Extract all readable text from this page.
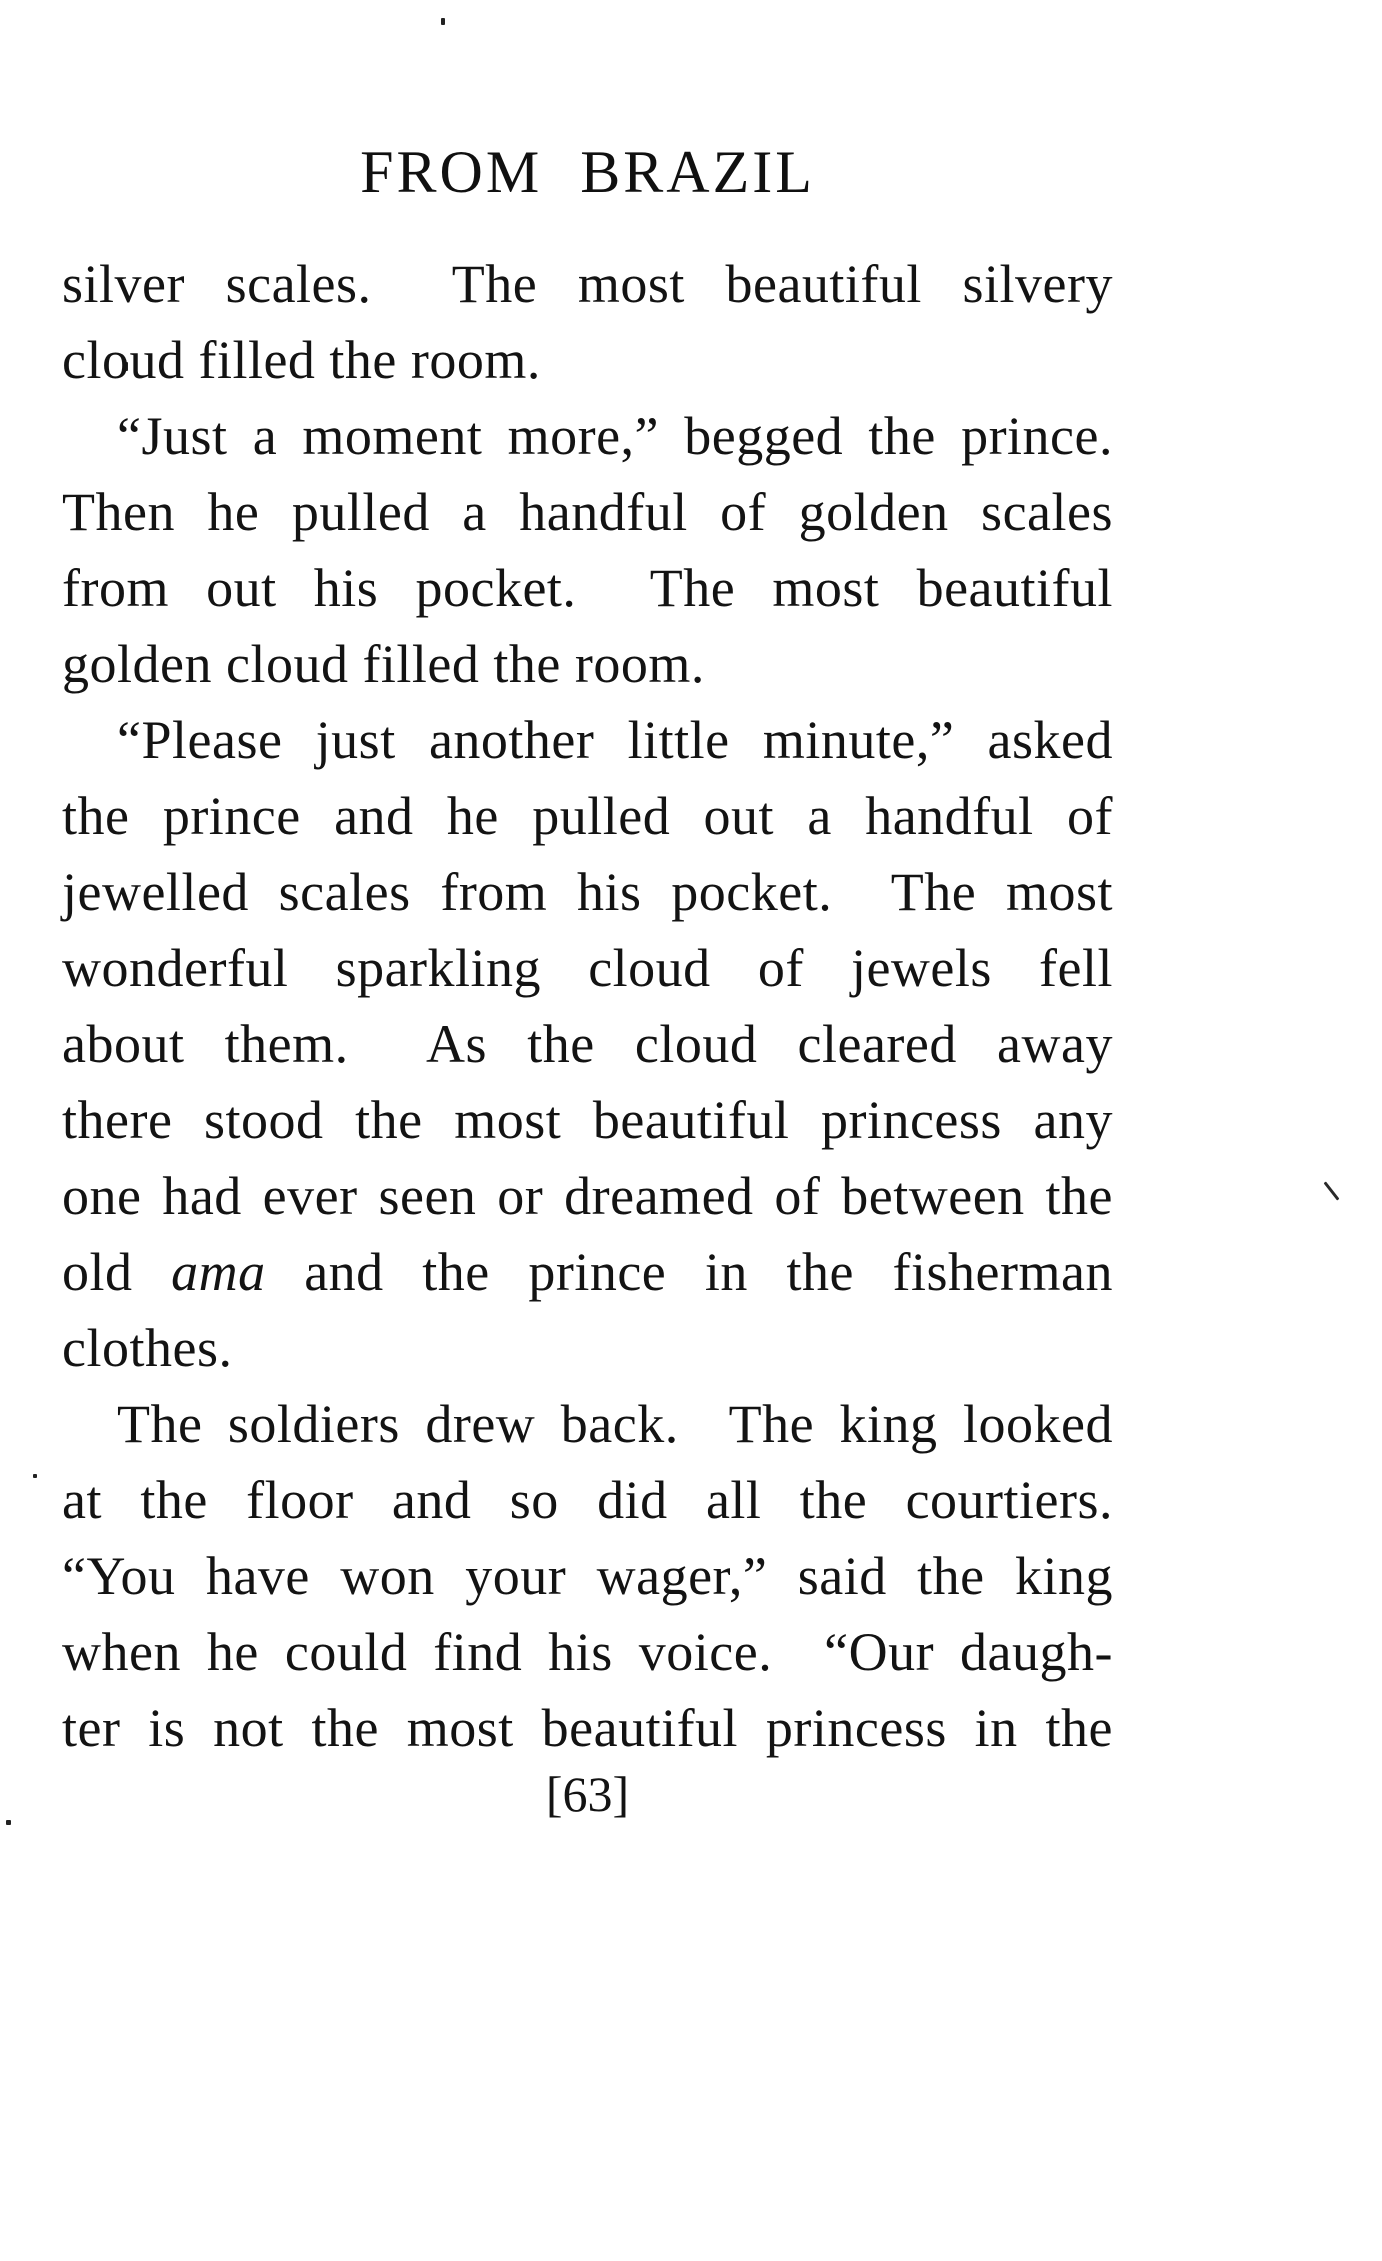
FROM BRAZIL
silver scales.  The most beautiful silvery
cloud filled the room.
“Just a moment more,” begged the prince.
Then he pulled a handful of golden scales
from out his pocket.  The most beautiful
golden cloud filled the room.
“Please just another little minute,” asked
the prince and he pulled out a handful of
jewelled scales from his pocket.  The most
wonderful sparkling cloud of jewels fell
about them.  As the cloud cleared away
there stood the most beautiful princess any
one had ever seen or dreamed of between the
old ama and the prince in the fisherman
clothes.
The soldiers drew back.  The king looked
at the floor and so did all the courtiers.
“You have won your wager,” said the king
when he could find his voice.  “Our daugh-
ter is not the most beautiful princess in the
[63]
